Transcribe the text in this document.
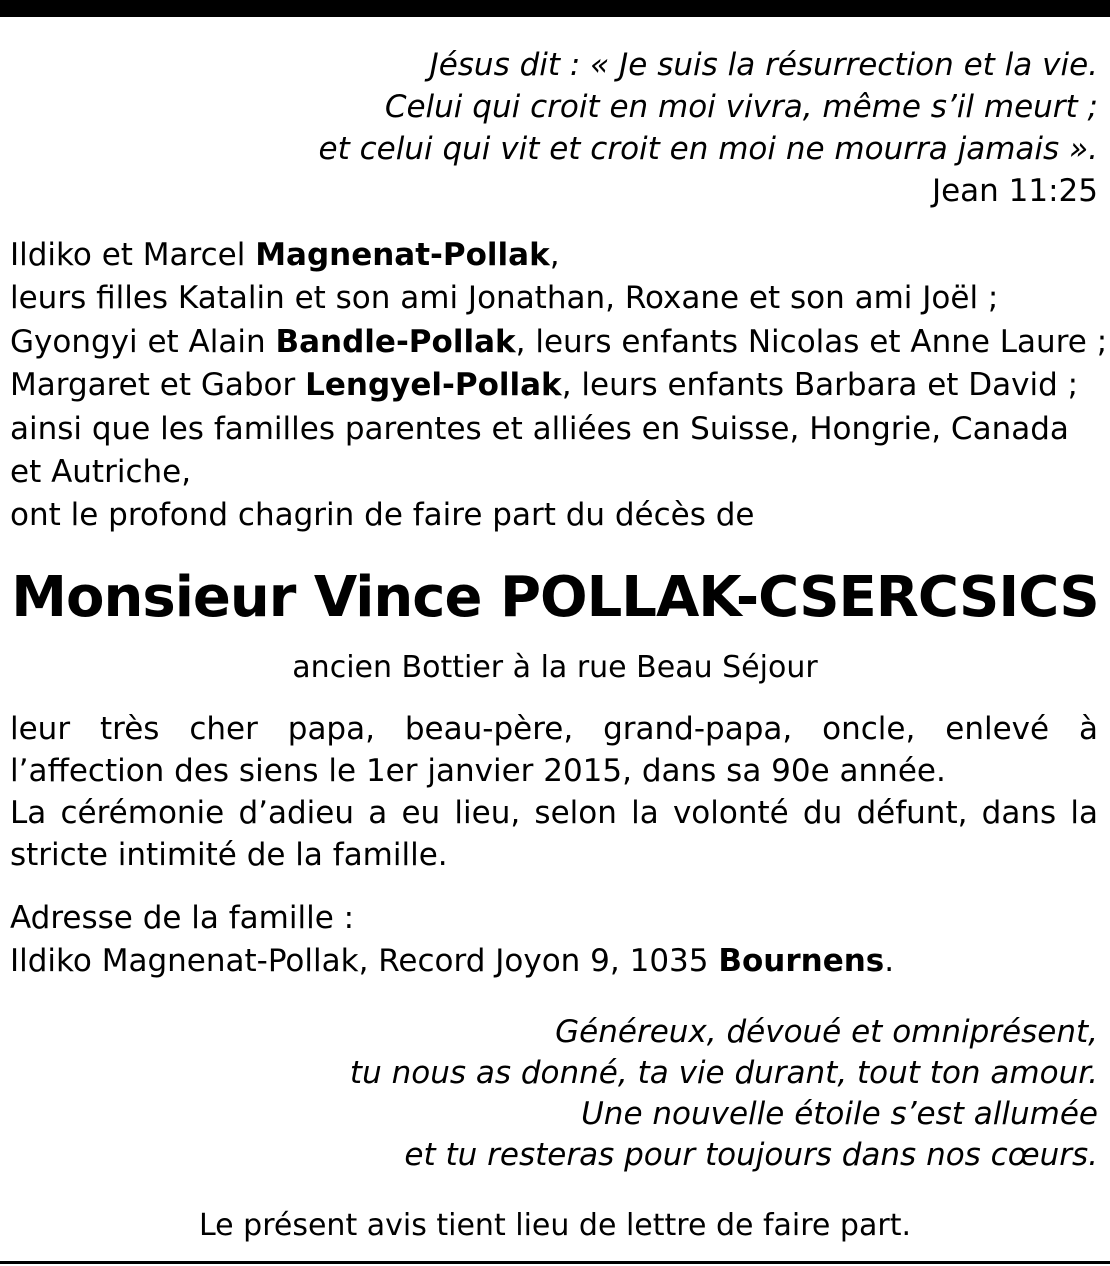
Jésus dit : « Je suis la résurrection et la vie.
Celui qui croit en moi vivra, même s’il meurt ;
et celui qui vit et croit en moi ne mourra jamais ».
Jean 11:25
Ildiko et Marcel Magnenat-Pollak,
leurs filles Katalin et son ami Jonathan, Roxane et son ami Joël ;
Gyongyi et Alain Bandle-Pollak, leurs enfants Nicolas et Anne Laure ;
Margaret et Gabor Lengyel-Pollak, leurs enfants Barbara et David ;
ainsi que les familles parentes et alliées en Suisse, Hongrie, Canada
et Autriche,
ont le profond chagrin de faire part du décès de
Monsieur Vince POLLAK-CSERCSICS
ancien Bottier à la rue Beau Séjour

leur très cher papa, beau-père, grand-papa, oncle, enlevé à l’affection des siens le 1er janvier 2015, dans sa 90e année.

La cérémonie d’adieu a eu lieu, selon la volonté du défunt, dans la stricte intimité de la famille.

Adresse de la famille :
Ildiko Magnenat-Pollak, Record Joyon 9, 1035 Bournens.
Généreux, dévoué et omniprésent,
tu nous as donné, ta vie durant, tout ton amour.
Une nouvelle étoile s’est allumée
et tu resteras pour toujours dans nos cœurs.
Le présent avis tient lieu de lettre de faire part.
